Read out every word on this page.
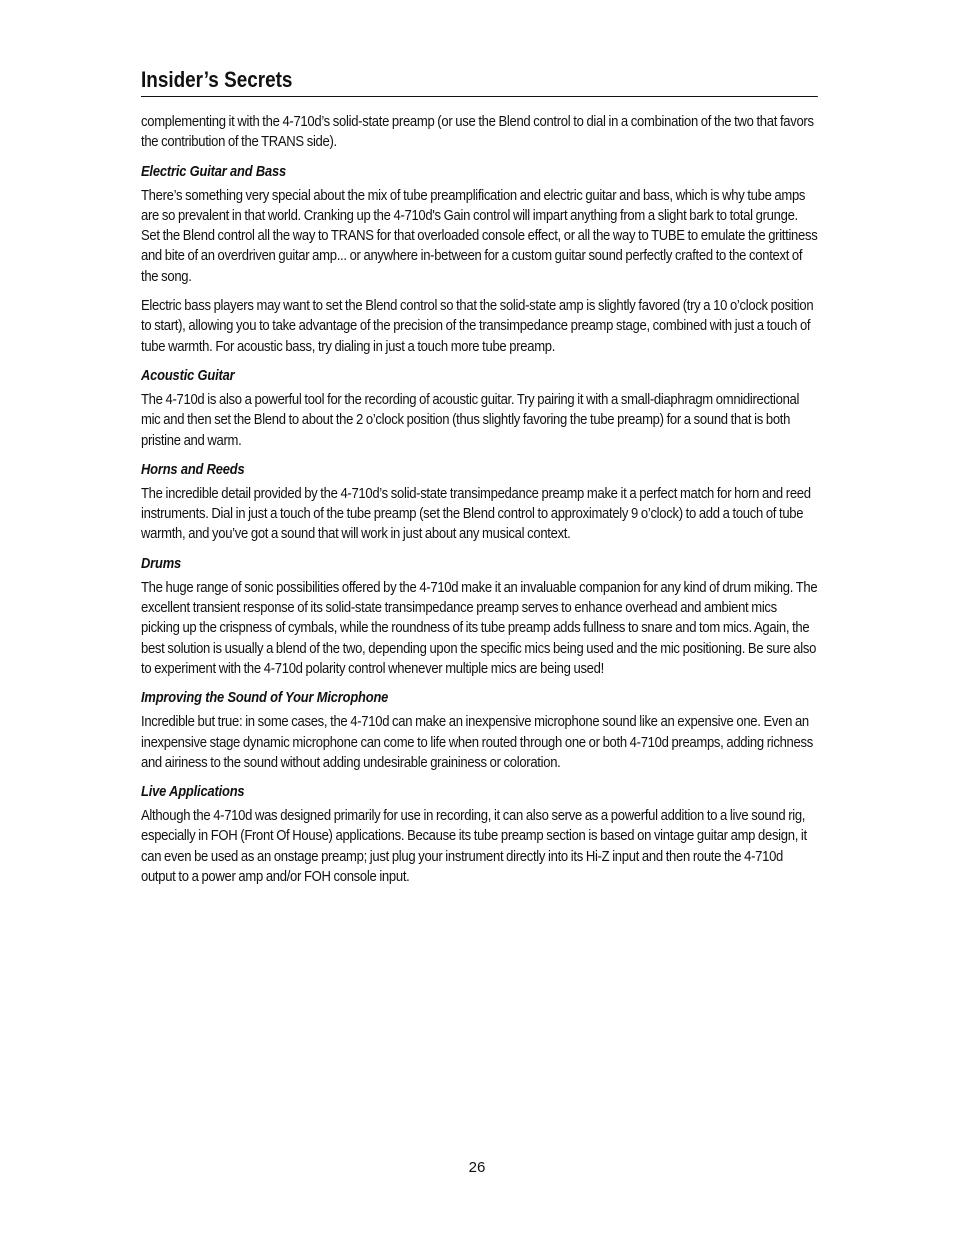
Insider’s Secrets

complementing it with the 4-710d’s solid-state preamp (or use the Blend control to dial in a combination of the two that favors the contribution of the TRANS side).

Electric Guitar and Bass

There’s something very special about the mix of tube preamplification and electric guitar and bass, which is why tube amps are so prevalent in that world. Cranking up the 4-710d's Gain control will impart anything from a slight bark to total grunge. Set the Blend control all the way to TRANS for that overloaded console effect, or all the way to TUBE to emulate the grittiness and bite of an overdriven guitar amp... or anywhere in-between for a custom guitar sound perfectly crafted to the context of the song.

Electric bass players may want to set the Blend control so that the solid-state amp is slightly favored (try a 10 o’clock position to start), allowing you to take advantage of the precision of the transimpedance preamp stage, combined with just a touch of tube warmth. For acoustic bass, try dialing in just a touch more tube preamp.

Acoustic Guitar

The 4-710d is also a powerful tool for the recording of acoustic guitar. Try pairing it with a small-diaphragm omnidirectional mic and then set the Blend to about the 2 o’clock position (thus slightly favoring the tube preamp) for a sound that is both pristine and warm.

Horns and Reeds

The incredible detail provided by the 4-710d’s solid-state transimpedance preamp make it a perfect match for horn and reed instruments. Dial in just a touch of the tube preamp (set the Blend control to approximately 9 o’clock) to add a touch of tube warmth, and you’ve got a sound that will work in just about any musical context.

Drums

The huge range of sonic possibilities offered by the 4-710d make it an invaluable companion for any kind of drum miking. The excellent transient response of its solid-state transimpedance preamp serves to enhance overhead and ambient mics picking up the crispness of cymbals, while the roundness of its tube preamp adds fullness to snare and tom mics. Again, the best solution is usually a blend of the two, depending upon the specific mics being used and the mic positioning. Be sure also to experiment with the 4-710d polarity control whenever multiple mics are being used!

Improving the Sound of Your Microphone

Incredible but true: in some cases, the 4-710d can make an inexpensive microphone sound like an expensive one. Even an inexpensive stage dynamic microphone can come to life when routed through one or both 4-710d preamps, adding richness and airiness to the sound without adding undesirable graininess or coloration.

Live Applications

Although the 4-710d was designed primarily for use in recording, it can also serve as a powerful addition to a live sound rig, especially in FOH (Front Of House) applications. Because its tube preamp section is based on vintage guitar amp design, it can even be used as an onstage preamp; just plug your instrument directly into its Hi-Z input and then route the 4-710d output to a power amp and/or FOH console input.

26
